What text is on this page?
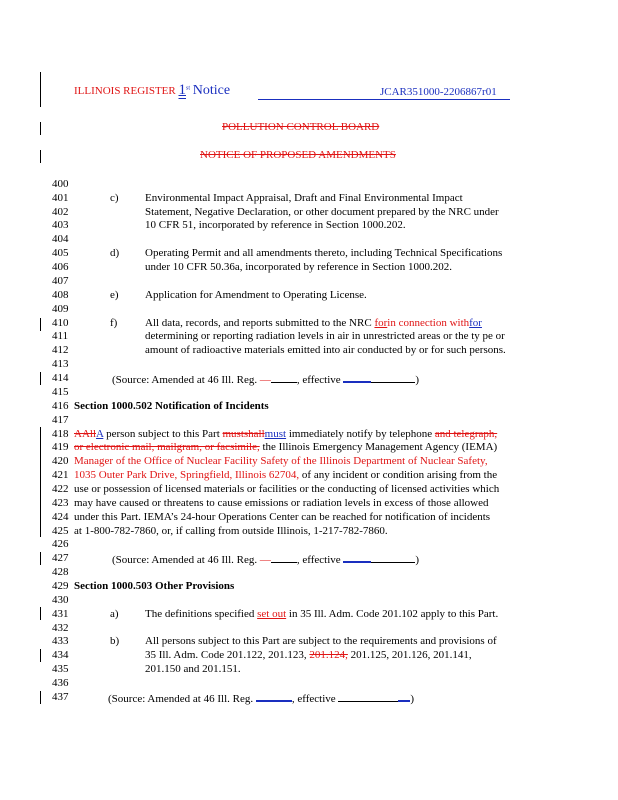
ILLINOIS REGISTER 1st Notice	JCAR351000-2206867r01
POLLUTION CONTROL BOARD
NOTICE OF PROPOSED AMENDMENTS
400
401
402
403
404
405
406
407
408
409
410
411
412
413
414
415
416
417
418
419
420
421
422
423
424
425
426
427
428
429
430
431
432
433
434
435
436
437
c) Environmental Impact Appraisal, Draft and Final Environmental Impact
Statement, Negative Declaration, or other document prepared by the NRC under
10 CFR 51, incorporated by reference in Section 1000.202.
d) Operating Permit and all amendments thereto, including Technical Specifications
under 10 CFR 50.36a, incorporated by reference in Section 1000.202.
e) Application for Amendment to Operating License.
f)	All data, records, and reports submitted to the NRC forin connection withfor
determining or reporting radiation levels in air in unrestricted areas or the ty pe or
amount of radioactive materials emitted into air conducted by or for such persons.
(Source: Amended at 46 Ill. Reg. — , effective	)
Section 1000.502 Notification of Incidents
AAllA person subject to this Part mustshallmust immediately notify by telephone and telegraph,
or electronic mail, mailgram, or facsimile, the Illinois Emergency Management Agency (IEMA)
Manager of the Office of Nuclear Facility Safety of the Illinois Department of Nuclear Safety,
1035 Outer Park Drive, Springfield, Illinois 62704, of any incident or condition arising from the
use or possession of licensed materials or facilities or the conducting of licensed activities which
may have caused or threatens to cause emissions or radiation levels in excess of those allowed
under this Part. IEMA’s 24-hour Operations Center can be reached for notification of incidents
at 1-800-782-7860, or, if calling from outside Illinois, 1-217-782-7860.
(Source: Amended at 46 Ill. Reg. — , effective	)
Section 1000.503 Other Provisions
a) The definitions specified set out in 35 Ill. Adm. Code 201.102 apply to this Part.
b) All persons subject to this Part are subject to the requirements and provisions of
35 Ill. Adm. Code 201.122, 201.123, 201.124, 201.125, 201.126, 201.141,
201.150 and 201.151.
(Source: Amended at 46 Ill. Reg.	, effective	)
